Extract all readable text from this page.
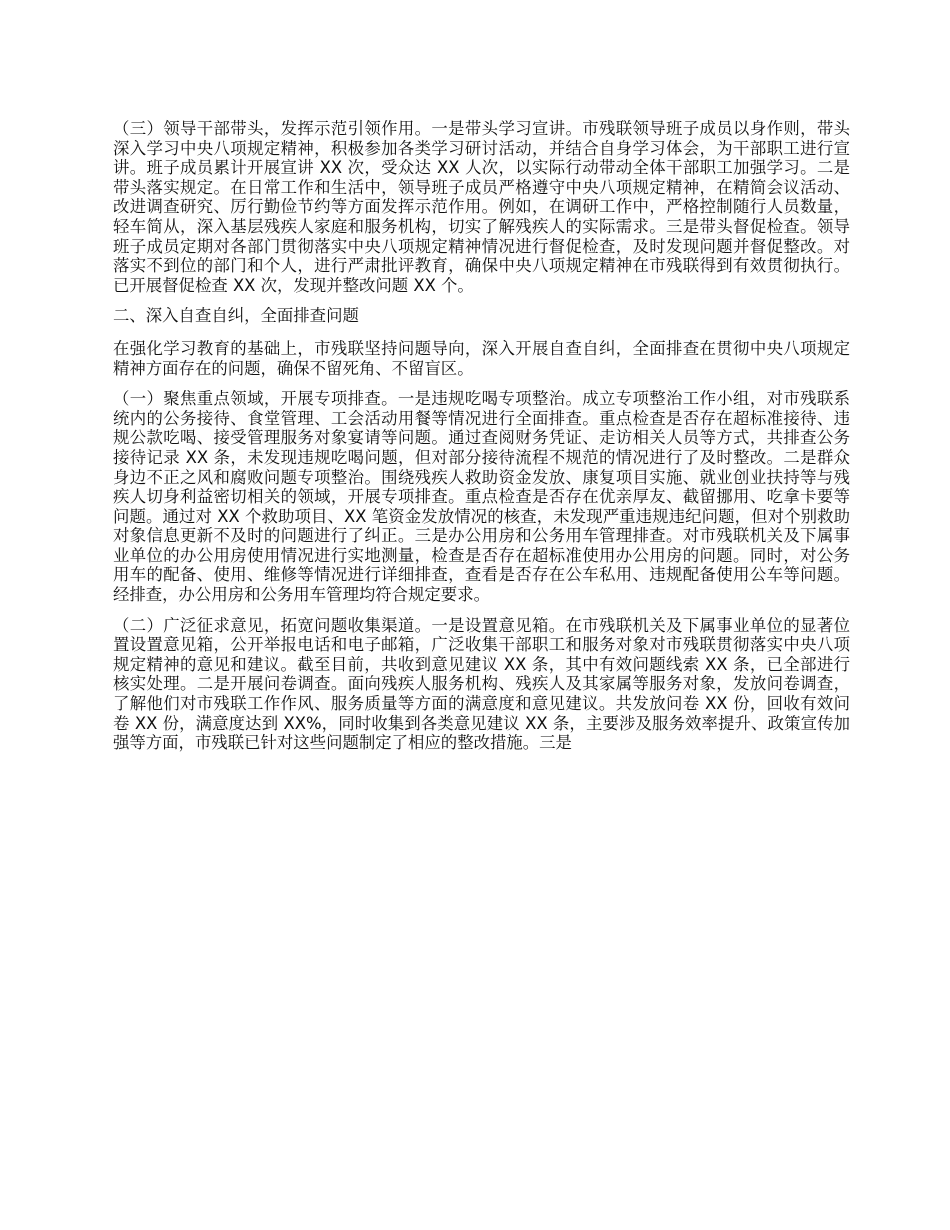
（三）领导干部带头，发挥示范引领作用。一是带头学习宣讲。市残联领导班子成员以身作则，带头深入学习中央八项规定精神，积极参加各类学习研讨活动，并结合自身学习体会，为干部职工进行宣讲。班子成员累计开展宣讲 XX 次，受众达 XX 人次，以实际行动带动全体干部职工加强学习。二是带头落实规定。在日常工作和生活中，领导班子成员严格遵守中央八项规定精神，在精简会议活动、改进调查研究、厉行勤俭节约等方面发挥示范作用。例如，在调研工作中，严格控制随行人员数量，轻车简从，深入基层残疾人家庭和服务机构，切实了解残疾人的实际需求。三是带头督促检查。领导班子成员定期对各部门贯彻落实中央八项规定精神情况进行督促检查，及时发现问题并督促整改。对落实不到位的部门和个人，进行严肃批评教育，确保中央八项规定精神在市残联得到有效贯彻执行。已开展督促检查 XX 次，发现并整改问题 XX 个。

二、深入自查自纠，全面排查问题

在强化学习教育的基础上，市残联坚持问题导向，深入开展自查自纠，全面排查在贯彻中央八项规定精神方面存在的问题，确保不留死角、不留盲区。

（一）聚焦重点领域，开展专项排查。一是违规吃喝专项整治。成立专项整治工作小组，对市残联系统内的公务接待、食堂管理、工会活动用餐等情况进行全面排查。重点检查是否存在超标准接待、违规公款吃喝、接受管理服务对象宴请等问题。通过查阅财务凭证、走访相关人员等方式，共排查公务接待记录 XX 条，未发现违规吃喝问题，但对部分接待流程不规范的情况进行了及时整改。二是群众身边不正之风和腐败问题专项整治。围绕残疾人救助资金发放、康复项目实施、就业创业扶持等与残疾人切身利益密切相关的领域，开展专项排查。重点检查是否存在优亲厚友、截留挪用、吃拿卡要等问题。通过对 XX 个救助项目、XX 笔资金发放情况的核查，未发现严重违规违纪问题，但对个别救助对象信息更新不及时的问题进行了纠正。三是办公用房和公务用车管理排查。对市残联机关及下属事业单位的办公用房使用情况进行实地测量，检查是否存在超标准使用办公用房的问题。同时，对公务用车的配备、使用、维修等情况进行详细排查，查看是否存在公车私用、违规配备使用公车等问题。经排查，办公用房和公务用车管理均符合规定要求。

（二）广泛征求意见，拓宽问题收集渠道。一是设置意见箱。在市残联机关及下属事业单位的显著位置设置意见箱，公开举报电话和电子邮箱，广泛收集干部职工和服务对象对市残联贯彻落实中央八项规定精神的意见和建议。截至目前，共收到意见建议 XX 条，其中有效问题线索 XX 条，已全部进行核实处理。二是开展问卷调查。面向残疾人服务机构、残疾人及其家属等服务对象，发放问卷调查，了解他们对市残联工作作风、服务质量等方面的满意度和意见建议。共发放问卷 XX 份，回收有效问卷 XX 份，满意度达到 XX%，同时收集到各类意见建议 XX 条，主要涉及服务效率提升、政策宣传加强等方面，市残联已针对这些问题制定了相应的整改措施。三是
